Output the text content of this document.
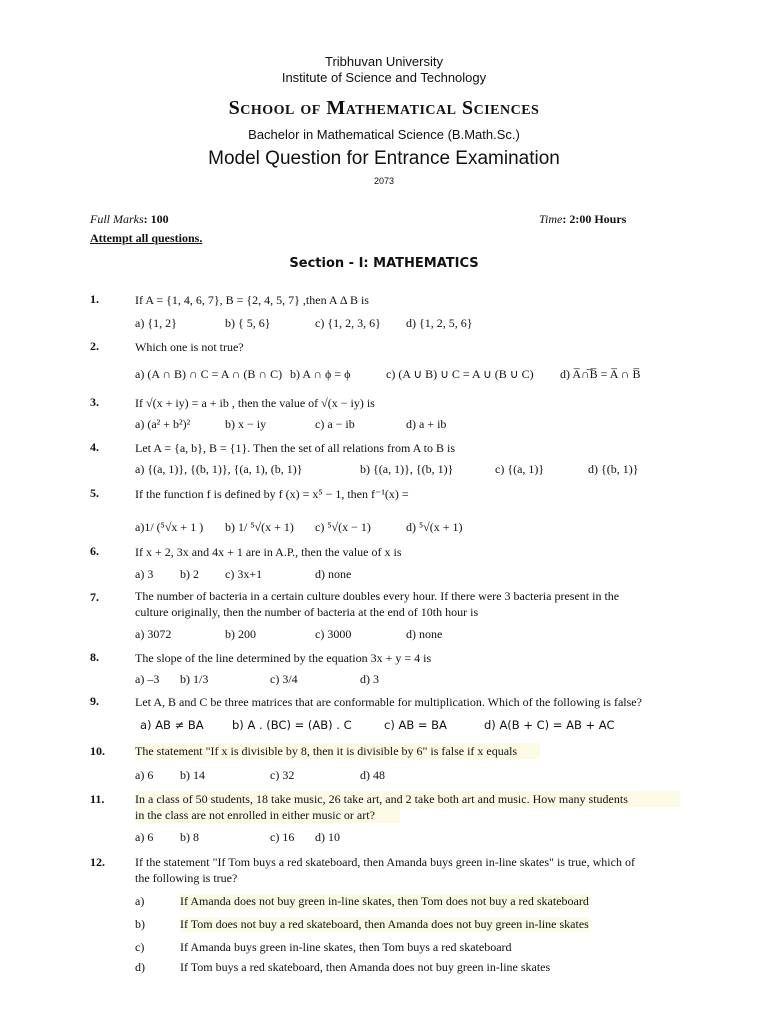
Tribhuvan University
Institute of Science and Technology
School of Mathematical Sciences
Bachelor in Mathematical Science (B.Math.Sc.)
Model Question for Entrance Examination
2073
Full Marks: 100	Time: 2:00 Hours
Attempt all questions.
Section - I: MATHEMATICS
1.	If A = {1, 4, 6, 7}, B = {2, 4, 5, 7} ,then A Δ B is
a) {1, 2}	b) { 5, 6}	c) {1, 2, 3, 6} d) {1, 2, 5, 6}
2.	Which one is not true?
a) (A ∩ B) ∩ C = A ∩ (B ∩ C) b) A ∩ ϕ = ϕ	c) (A ∪ B) ∪ C = A ∪ (B ∪ C) d) A̅∩̅B̅ = A̅ ∩ B̅
3.	If √(x + iy) = a + ib , then the value of √(x − iy) is
a) (a² + b²)²	b) x − iy	c) a − ib	d) a + ib
4.	Let A = {a, b}, B = {1}. Then the set of all relations from A to B is
a) {(a, 1)}, {(b, 1)}, {(a, 1), (b, 1)}	b) {(a, 1)}, {(b, 1)}	c) {(a, 1)}	d) {(b, 1)}
5.	If the function f is defined by f (x) = x⁵ − 1, then f⁻¹(x) =
a)1/ (⁵√x + 1 ) b) 1/ ⁵√(x + 1) c) ⁵√(x − 1)	d) ⁵√(x + 1)
6.	If x + 2, 3x and 4x + 1 are in A.P., then the value of x is
a) 3 b) 2 c) 3x+1	d) none
7.	The number of bacteria in a certain culture doubles every hour. If there were 3 bacteria present in the
culture originally, then the number of bacteria at the end of 10th hour is
a) 3072	b) 200	c) 3000	d) none
8.	The slope of the line determined by the equation 3x + y = 4 is
a) –3 b) 1/3	c) 3/4	d) 3
9.	Let A, B and C be three matrices that are conformable for multiplication. Which of the following is false?
a) AB ≠ BA b) A . (BC) = (AB) . C	c) AB = BA	d) A(B + C) = AB + AC
10.	The statement "If x is divisible by 8, then it is divisible by 6" is false if x equals
a) 6 b) 14	c) 32	d) 48
11.	In a class of 50 students, 18 take music, 26 take art, and 2 take both art and music. How many students
in the class are not enrolled in either music or art?
a) 6 b) 8	c) 16 d) 10
12.	If the statement "If Tom buys a red skateboard, then Amanda buys green in-line skates" is true, which of
the following is true?
a)	If Amanda does not buy green in-line skates, then Tom does not buy a red skateboard
b)	If Tom does not buy a red skateboard, then Amanda does not buy green in-line skates
c)	If Amanda buys green in-line skates, then Tom buys a red skateboard
d)	If Tom buys a red skateboard, then Amanda does not buy green in-line skates
